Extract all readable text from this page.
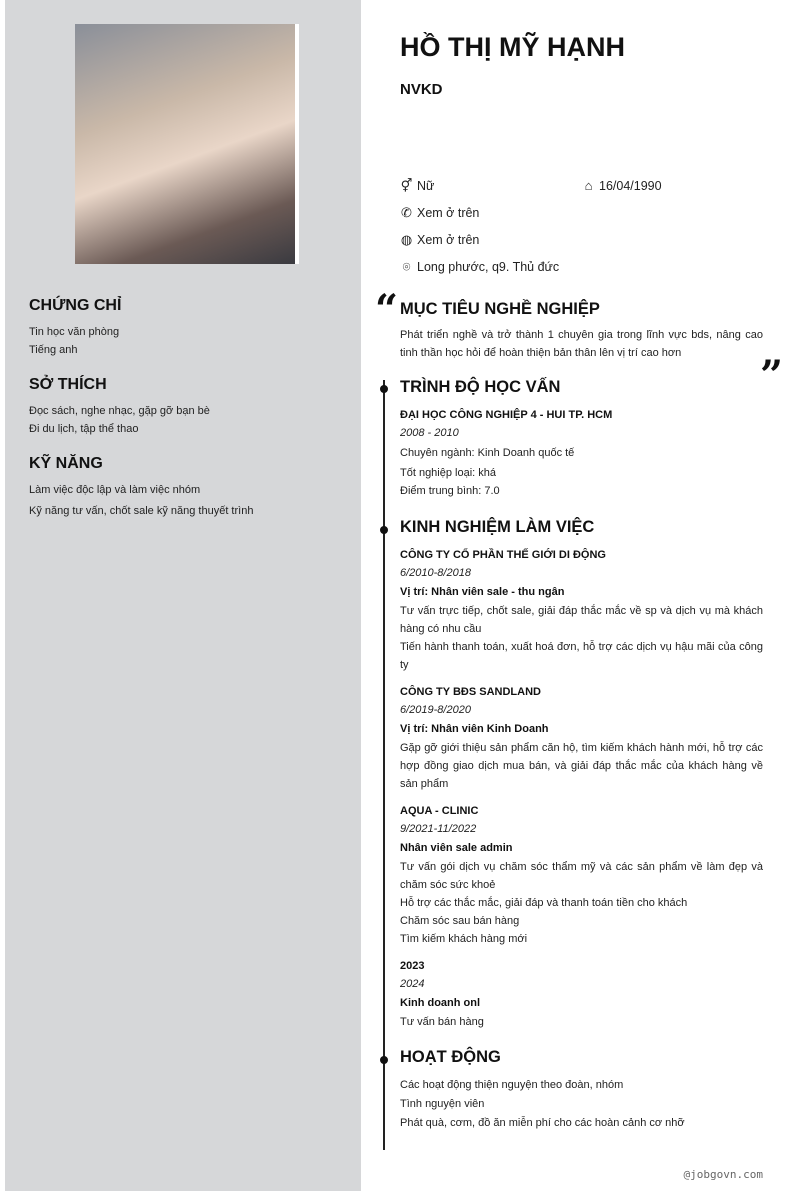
CHỨNG CHỈ

Tin học văn phòng

Tiếng anh

SỞ THÍCH

Đọc sách, nghe nhạc, gặp gỡ bạn bè

Đi du lịch, tập thể thao

KỸ NĂNG

Làm việc độc lập và làm việc nhóm

Kỹ năng tư vấn, chốt sale kỹ năng thuyết trình

HỒ THỊ MỸ HẠNH
NVKD
⚥ Nữ	⌂ 16/04/1990
✆ Xem ở trên
◍ Xem ở trên
⌾ Long phước, q9. Thủ đức
“
”
MỤC TIÊU NGHỀ NGHIỆP

Phát triển nghề và trở thành 1 chuyên gia trong lĩnh vực bds, nâng cao tinh thần học hỏi để hoàn thiện bản thân lên vị trí cao hơn

TRÌNH ĐỘ HỌC VẤN
ĐẠI HỌC CÔNG NGHIỆP 4 - HUI TP. HCM
2008 - 2010

Chuyên ngành: Kinh Doanh quốc tế

Tốt nghiệp loại: khá

Điểm trung bình: 7.0

KINH NGHIỆM LÀM VIỆC
CÔNG TY CỔ PHẦN THẾ GIỚI DI ĐỘNG
6/2010-8/2018
Vị trí: Nhân viên sale - thu ngân

Tư vấn trực tiếp, chốt sale, giải đáp thắc mắc về sp và dịch vụ mà khách hàng có nhu cầu

Tiến hành thanh toán, xuất hoá đơn, hỗ trợ các dịch vụ hậu mãi của công ty

CÔNG TY BĐS SANDLAND
6/2019-8/2020
Vị trí: Nhân viên Kinh Doanh

Gặp gỡ giới thiệu sản phẩm căn hộ, tìm kiếm khách hành mới, hỗ trợ các hợp đồng giao dịch mua bán, và giải đáp thắc mắc của khách hàng về sản phẩm

AQUA - CLINIC
9/2021-11/2022
Nhân viên sale admin

Tư vấn gói dịch vụ chăm sóc thẩm mỹ và các sản phẩm về làm đẹp và chăm sóc sức khoẻ

Hỗ trợ các thắc mắc, giải đáp và thanh toán tiền cho khách

Chăm sóc sau bán hàng

Tìm kiếm khách hàng mới

2023
2024
Kinh doanh onl

Tư vấn bán hàng

HOẠT ĐỘNG

Các hoạt động thiện nguyện theo đoàn, nhóm

Tình nguyện viên

Phát quà, cơm, đồ ăn miễn phí cho các hoàn cảnh cơ nhỡ

@jobgovn.com
